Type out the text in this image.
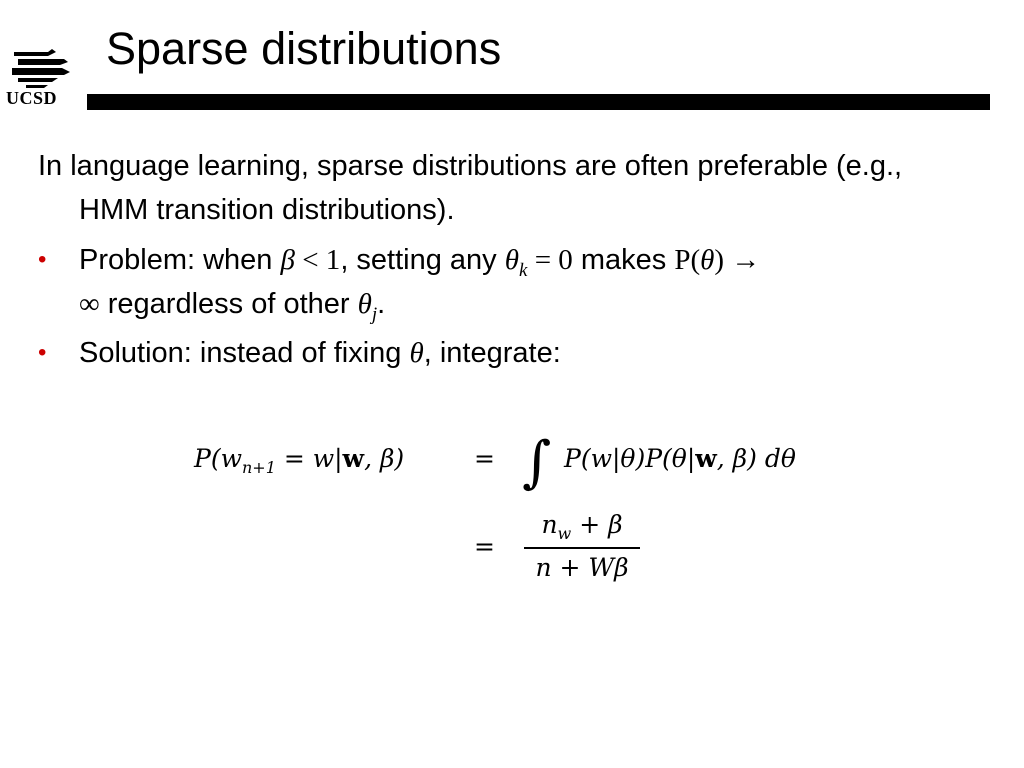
UCSD
Sparse distributions
In language learning, sparse distributions are often preferable (e.g., HMM transition distributions).
• Problem: when β < 1, setting any $\theta_k = 0$ makes P(θ) →
∞ regardless of other $\theta_j$.
• Solution: instead of fixing θ, integrate:
$P(w_{n+1} = w|w$, β)	= ∫ P(w|θ)P(θ|w, β) dθ
=
$n_w + \beta$
n + Wβ
